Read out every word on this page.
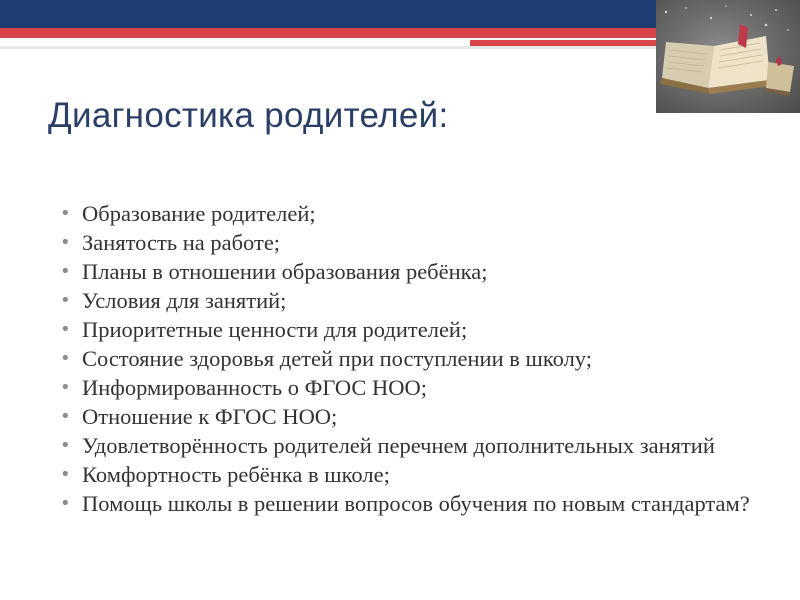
Диагностика родителей:
• Образование родителей;
• Занятость на работе;
• Планы в отношении образования ребёнка;
• Условия для занятий;
• Приоритетные ценности для родителей;
• Состояние здоровья детей при поступлении в школу;
• Информированность о ФГОС НОО;
• Отношение к ФГОС НОО;
• Удовлетворённость родителей перечнем дополнительных занятий
• Комфортность ребёнка в школе;
• Помощь школы в решении вопросов обучения по новым стандартам?
